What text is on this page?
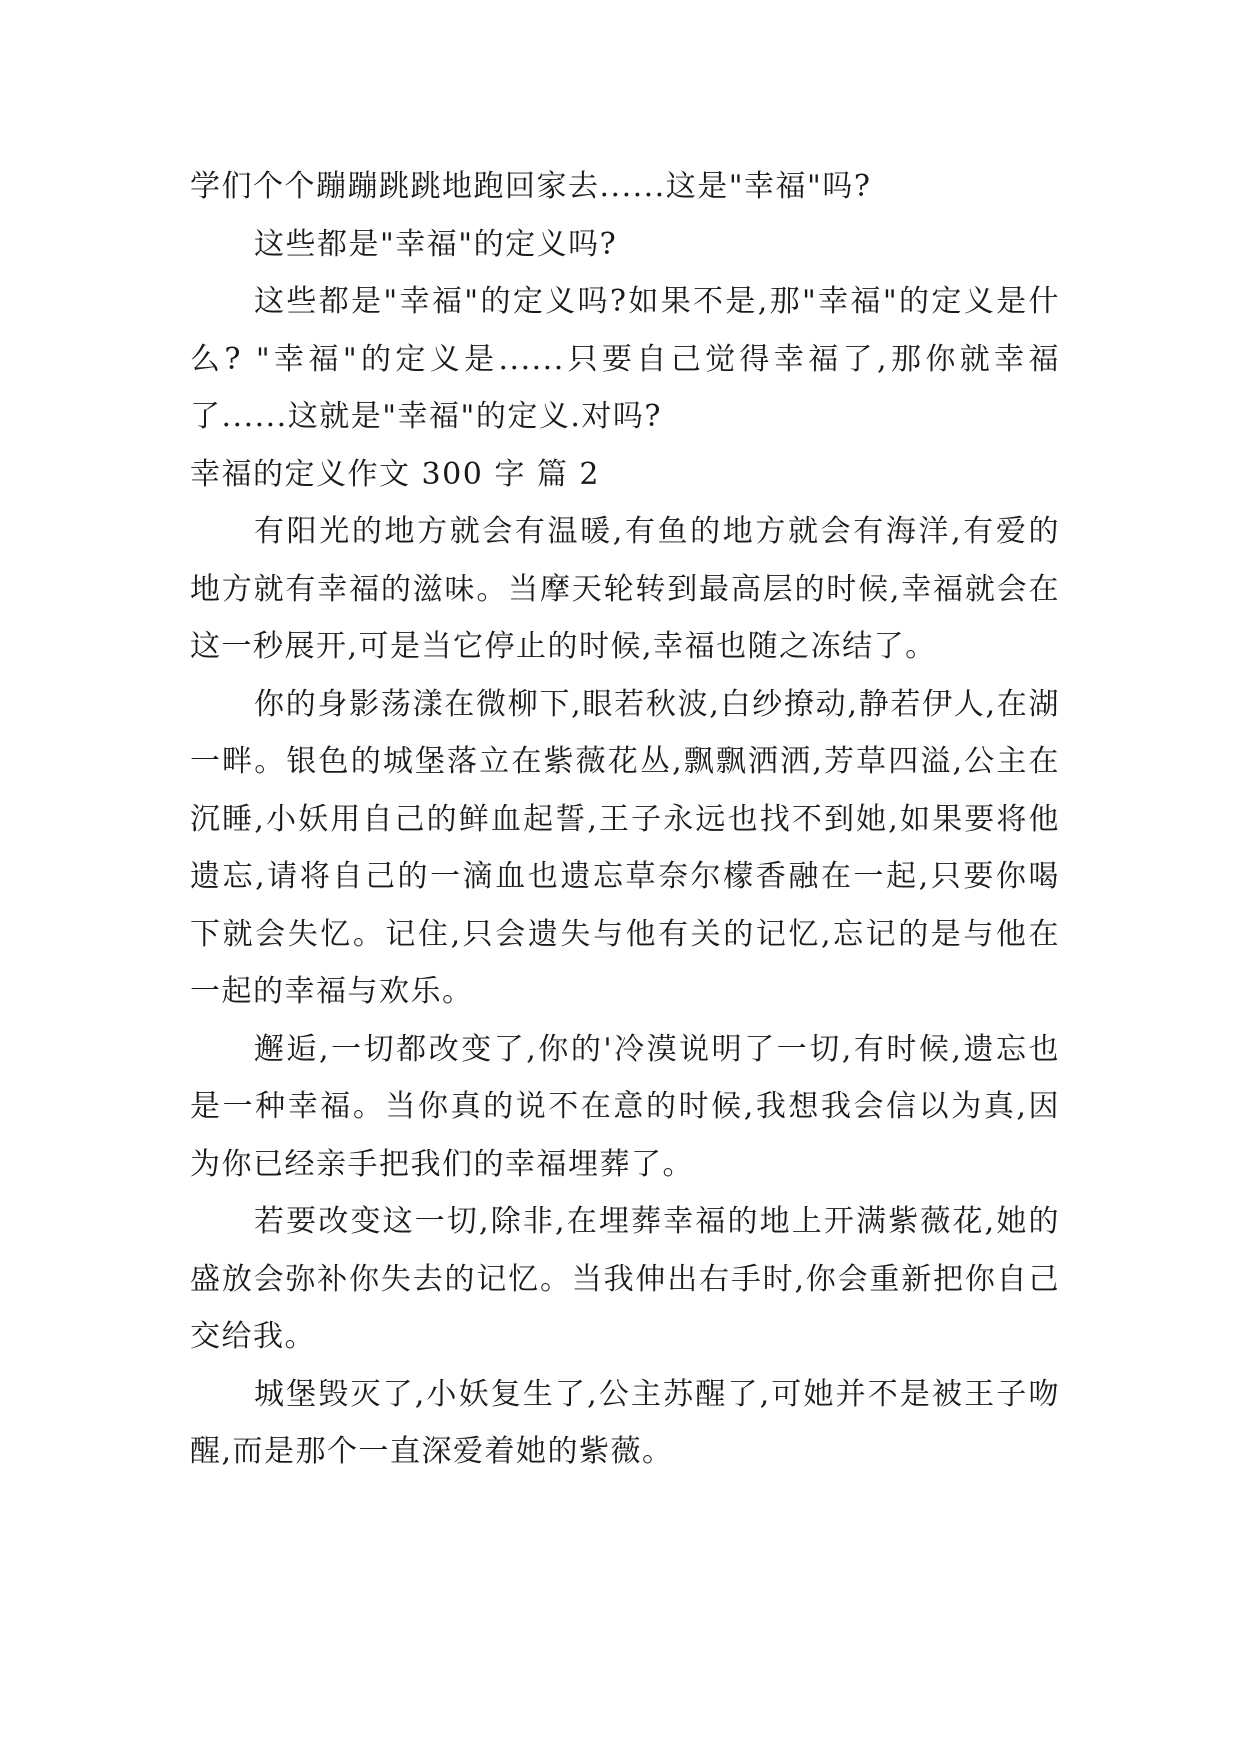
学们个个蹦蹦跳跳地跑回家去......这是"幸福"吗?

这些都是"幸福"的定义吗?

这些都是"幸福"的定义吗?如果不是,那"幸福"的定义是什么? "幸福"的定义是......只要自己觉得幸福了,那你就幸福了......这就是"幸福"的定义.对吗?

幸福的定义作文 300 字 篇 2

有阳光的地方就会有温暖,有鱼的地方就会有海洋,有爱的地方就有幸福的滋味。当摩天轮转到最高层的时候,幸福就会在这一秒展开,可是当它停止的时候,幸福也随之冻结了。

你的身影荡漾在微柳下,眼若秋波,白纱撩动,静若伊人,在湖一畔。银色的城堡落立在紫薇花丛,飘飘洒洒,芳草四溢,公主在沉睡,小妖用自己的鲜血起誓,王子永远也找不到她,如果要将他遗忘,请将自己的一滴血也遗忘草奈尔檬香融在一起,只要你喝下就会失忆。记住,只会遗失与他有关的记忆,忘记的是与他在一起的幸福与欢乐。

邂逅,一切都改变了,你的'冷漠说明了一切,有时候,遗忘也是一种幸福。当你真的说不在意的时候,我想我会信以为真,因为你已经亲手把我们的幸福埋葬了。

若要改变这一切,除非,在埋葬幸福的地上开满紫薇花,她的盛放会弥补你失去的记忆。当我伸出右手时,你会重新把你自己交给我。

城堡毁灭了,小妖复生了,公主苏醒了,可她并不是被王子吻醒,而是那个一直深爱着她的紫薇。
